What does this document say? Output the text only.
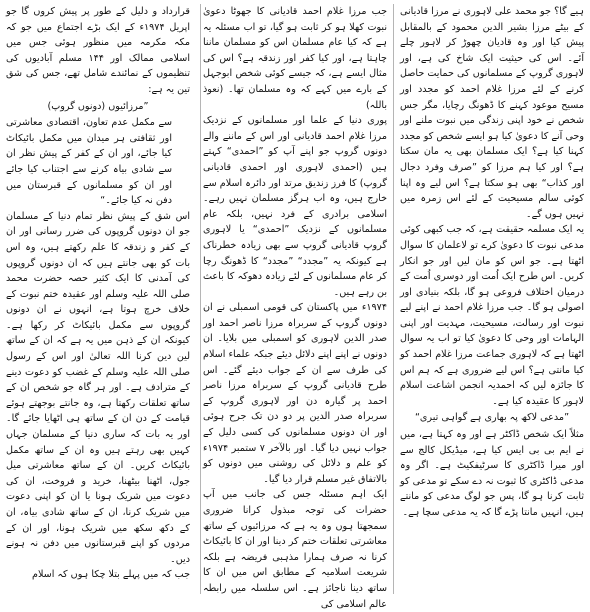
ہیے گا؟ جو محمد علی لاہوری نے مرزا قادیانی کے بیٹے مرزا بشیر الدین محمود کے بالمقابل پیش کیا اور وہ قادیان چھوڑ کر لاہور چلے آئے۔ اس کی حیثیت ایک شاخ کی ہے، اور لاہوری گروپ کے مسلمانوں کی حمایت حاصل کرنے کے لئے مرزا غلام احمد کو مجدد اور مسیح موعود کہنے کا ڈھونگ رچایا، مگر جس شخص نے خود اپنی زندگی میں نبوت ملنے اور وحی آنے کا دعویٰ کیا ہو ایسے شخص کو مجدد کہنا کیا ہے؟ ایک مسلمان بھی یہ مان سکتا ہے؟ اور کیا ہم مرزا کو ”صرف وفرد دجال اور کذاب“ بھی ہو سکتا ہے؟ اس لیے وہ اپنا کوئی سالم مسیحیت کے لئے اس زمرہ میں نہیں ہوں گے۔

یہ ایک مسلمہ حقیقت ہے، کہ جب کبھی کوئی مدعی نبوت کا دعویٰ کرے تو لاعلمان کا سوال اٹھتا ہے۔ جو اس کو مان لیں اور جو انکار کریں۔ اس طرح ایک اُمت اور دوسری اُمت کے درمیان اختلاف فروعی ہو گا، بلکہ بنیادی اور اصولی ہو گا۔ جب مرزا غلام احمد نے اپنے لیے نبوت اور رسالت، مسیحیت، مہدیت اور اپنی الہامات اور وحی کا دعویٰ کیا تو اب یہ سوال اٹھتا ہے کہ لاہوری جماعت مرزا غلام احمد کو کیا مانتی ہے؟ اس لیے ضروری ہے کہ ہم اس کا جائزہ لیں کہ احمدیہ انجمن اشاعت اسلام لاہور کا عقیدہ کیا ہے۔

”مدعی لاکھ پہ بھاری ہے گواہی تیری“

مثلاً ایک شخص ڈاکٹر ہے اور وہ کہتا ہے، میں نے ایم بی بی ایس کیا ہے، میڈیکل کالج سے اور میرا ڈاکٹری کا سرٹیفکیٹ ہے۔ اگر وہ مدعی ڈاکٹری کا ثبوت نہ دے سکے تو مدعی کو ثابت کرنا ہو گا، پس جو لوگ مدعی کو مانتے ہیں، انہیں مانتا پڑے گا کہ یہ مدعی سچا ہے۔

جب مرزا غلام احمد قادیانی کا جھوٹا دعویٰ نبوت کھلا ہو کر ثابت ہو گیا، تو اب مسئلہ یہ ہے کہ کیا عام مسلمان اس کو مسلمان ماننا چاہتا ہے، اور کیا کفر اور زندقہ ہے؟ اس کی مثال ایسے ہے، کہ جیسے کوئی شخص ابوجہل کے بارے میں کہے کہ وہ مسلمان تھا۔ (نعوذ باللہ)

پوری دنیا کے علما اور مسلمانوں کے نزدیک مرزا غلام احمد قادیانی اور اس کے ماننے والے دونوں گروپ جو اپنے آپ کو ”احمدی“ کہتے ہیں (احمدی لاہوری اور احمدی قادیانی گروپ) کا فرز زندیق مرتد اور دائرہ اسلام سے خارج ہیں، وہ اب ہرگز مسلمان نہیں رہے۔ اسلامی برادری کے فرد نہیں، بلکہ عام مسلمانوں کے نزدیک ”احمدی“ یا لاہوری گروپ قادیانی گروپ سے بھی زیادہ خطرناک ہے کیونکہ یہ ”مجدد“ ”مجدد“ کا ڈھونگ رچا کر عام مسلمانوں کے لئے زیادہ دھوکہ کا باعث بن رہے ہیں۔

۱۹۷۴ء میں پاکستان کی قومی اسمبلی نے ان دونوں گروپ کے سربراہ مرزا ناصر احمد اور صدر الدین لاہوری کو اسمبلی میں بلایا۔ ان دونوں نے اپنے اپنے دلائل دیئے جبکہ علماء اسلام کی طرف سے ان کے جواب دیئے گئے۔ اس طرح قادیانی گروپ کے سربراہ مرزا ناصر احمد پر گیارہ دن اور لاہوری گروپ کے سربراہ صدر الدین پر دو دن تک جرح ہوئی اور ان دونوں مسلمانوں کی کسی دلیل کے جواب نہیں دیا گیا۔ اور بالآخر ۷ ستمبر ۱۹۷۴ء کو علم و دلائل کی روشنی میں دونوں کو بالاتفاق غیر مسلم قرار دیا گیا۔

ایک اہم مسئلہ جس کی جانب میں آپ حضرات کی توجہ مبذول کرانا ضروری سمجھتا ہوں وہ یہ ہے کہ مرزائیوں کے ساتھ معاشرتی تعلقات ختم کر دینا اور ان کا بائیکاٹ کرنا نہ صرف ہمارا مذہبی فریضہ ہے بلکہ شریعت اسلامیہ کے مطابق اس میں ان کا ساتھ دینا ناجائز ہے۔ اس سلسلہ میں رابطہ عالم اسلامی کی

قرارداد و دلیل کے طور پر پیش کروں گا جو اپریل ۱۹۷۴ء کے ایک بڑے اجتماع میں جو کہ مکہ مکرمہ میں منظور ہوئی جس میں اسلامی ممالک اور ۱۴۴ مسلم آبادیوں کی تنظیموں کے نمائندے شامل تھے، جس کی شق تین یہ ہے:

”مرزائیوں (دونوں گروپ)

سے مکمل عدم تعاون، اقتصادی معاشرتی اور ثقافتی ہر میدان میں مکمل بائیکاٹ کیا جائے، اور ان کے کفر کے پیش نظر ان سے شادی بیاہ کرنے سے اجتناب کیا جائے اور ان کو مسلمانوں کے قبرستان میں دفن نہ کیا جائے۔“

اس شق کے پیش نظر تمام دنیا کے مسلمان جو ان دونوں گروپوں کی ضرر رسانی اور ان کے کفر و زندقہ کا علم رکھتے ہیں، وہ اس بات کو بھی جانتے ہیں کہ ان دونوں گروپوں کی آمدنی کا ایک کثیر حصہ حضرت محمد صلی اللہ علیہ وسلم اور عقیدہ ختم نبوت کے خلاف خرچ ہوتا ہے، انہوں نے ان دونوں گروپوں سے مکمل بائیکاٹ کر رکھا ہے۔ کیونکہ ان کے ذہن میں یہ ہے کہ ان کے ساتھ لین دین کرنا اللہ تعالیٰ اور اس کے رسول صلی اللہ علیہ وسلم کے غضب کو دعوت دینے کے مترادف ہے۔ اور ہر گاہ جو شخص ان کے ساتھ تعلقات رکھتا ہے، وہ جانتے بوجھتے ہوئے قیامت کے دن ان کے ساتھ ہی اٹھایا جائے گا۔ اور یہ بات کہ ساری دنیا کے مسلمان جہاں کہیں بھی رہتے ہیں وہ ان کے ساتھ مکمل بائیکاٹ کریں۔ ان کے ساتھ معاشرتی میل جول، اٹھنا بیٹھنا، خرید و فروخت، ان کی دعوت میں شریک ہونا یا ان کو اپنی دعوت میں شریک کرنا، ان کے ساتھ شادی بیاہ، ان کے دکھ سکھ میں شریک ہونا، اور ان کے مردوں کو اپنے قبرستانوں میں دفن نہ ہونے دیں۔

جب کہ میں پہلے بتلا چکا ہوں کہ اسلام
